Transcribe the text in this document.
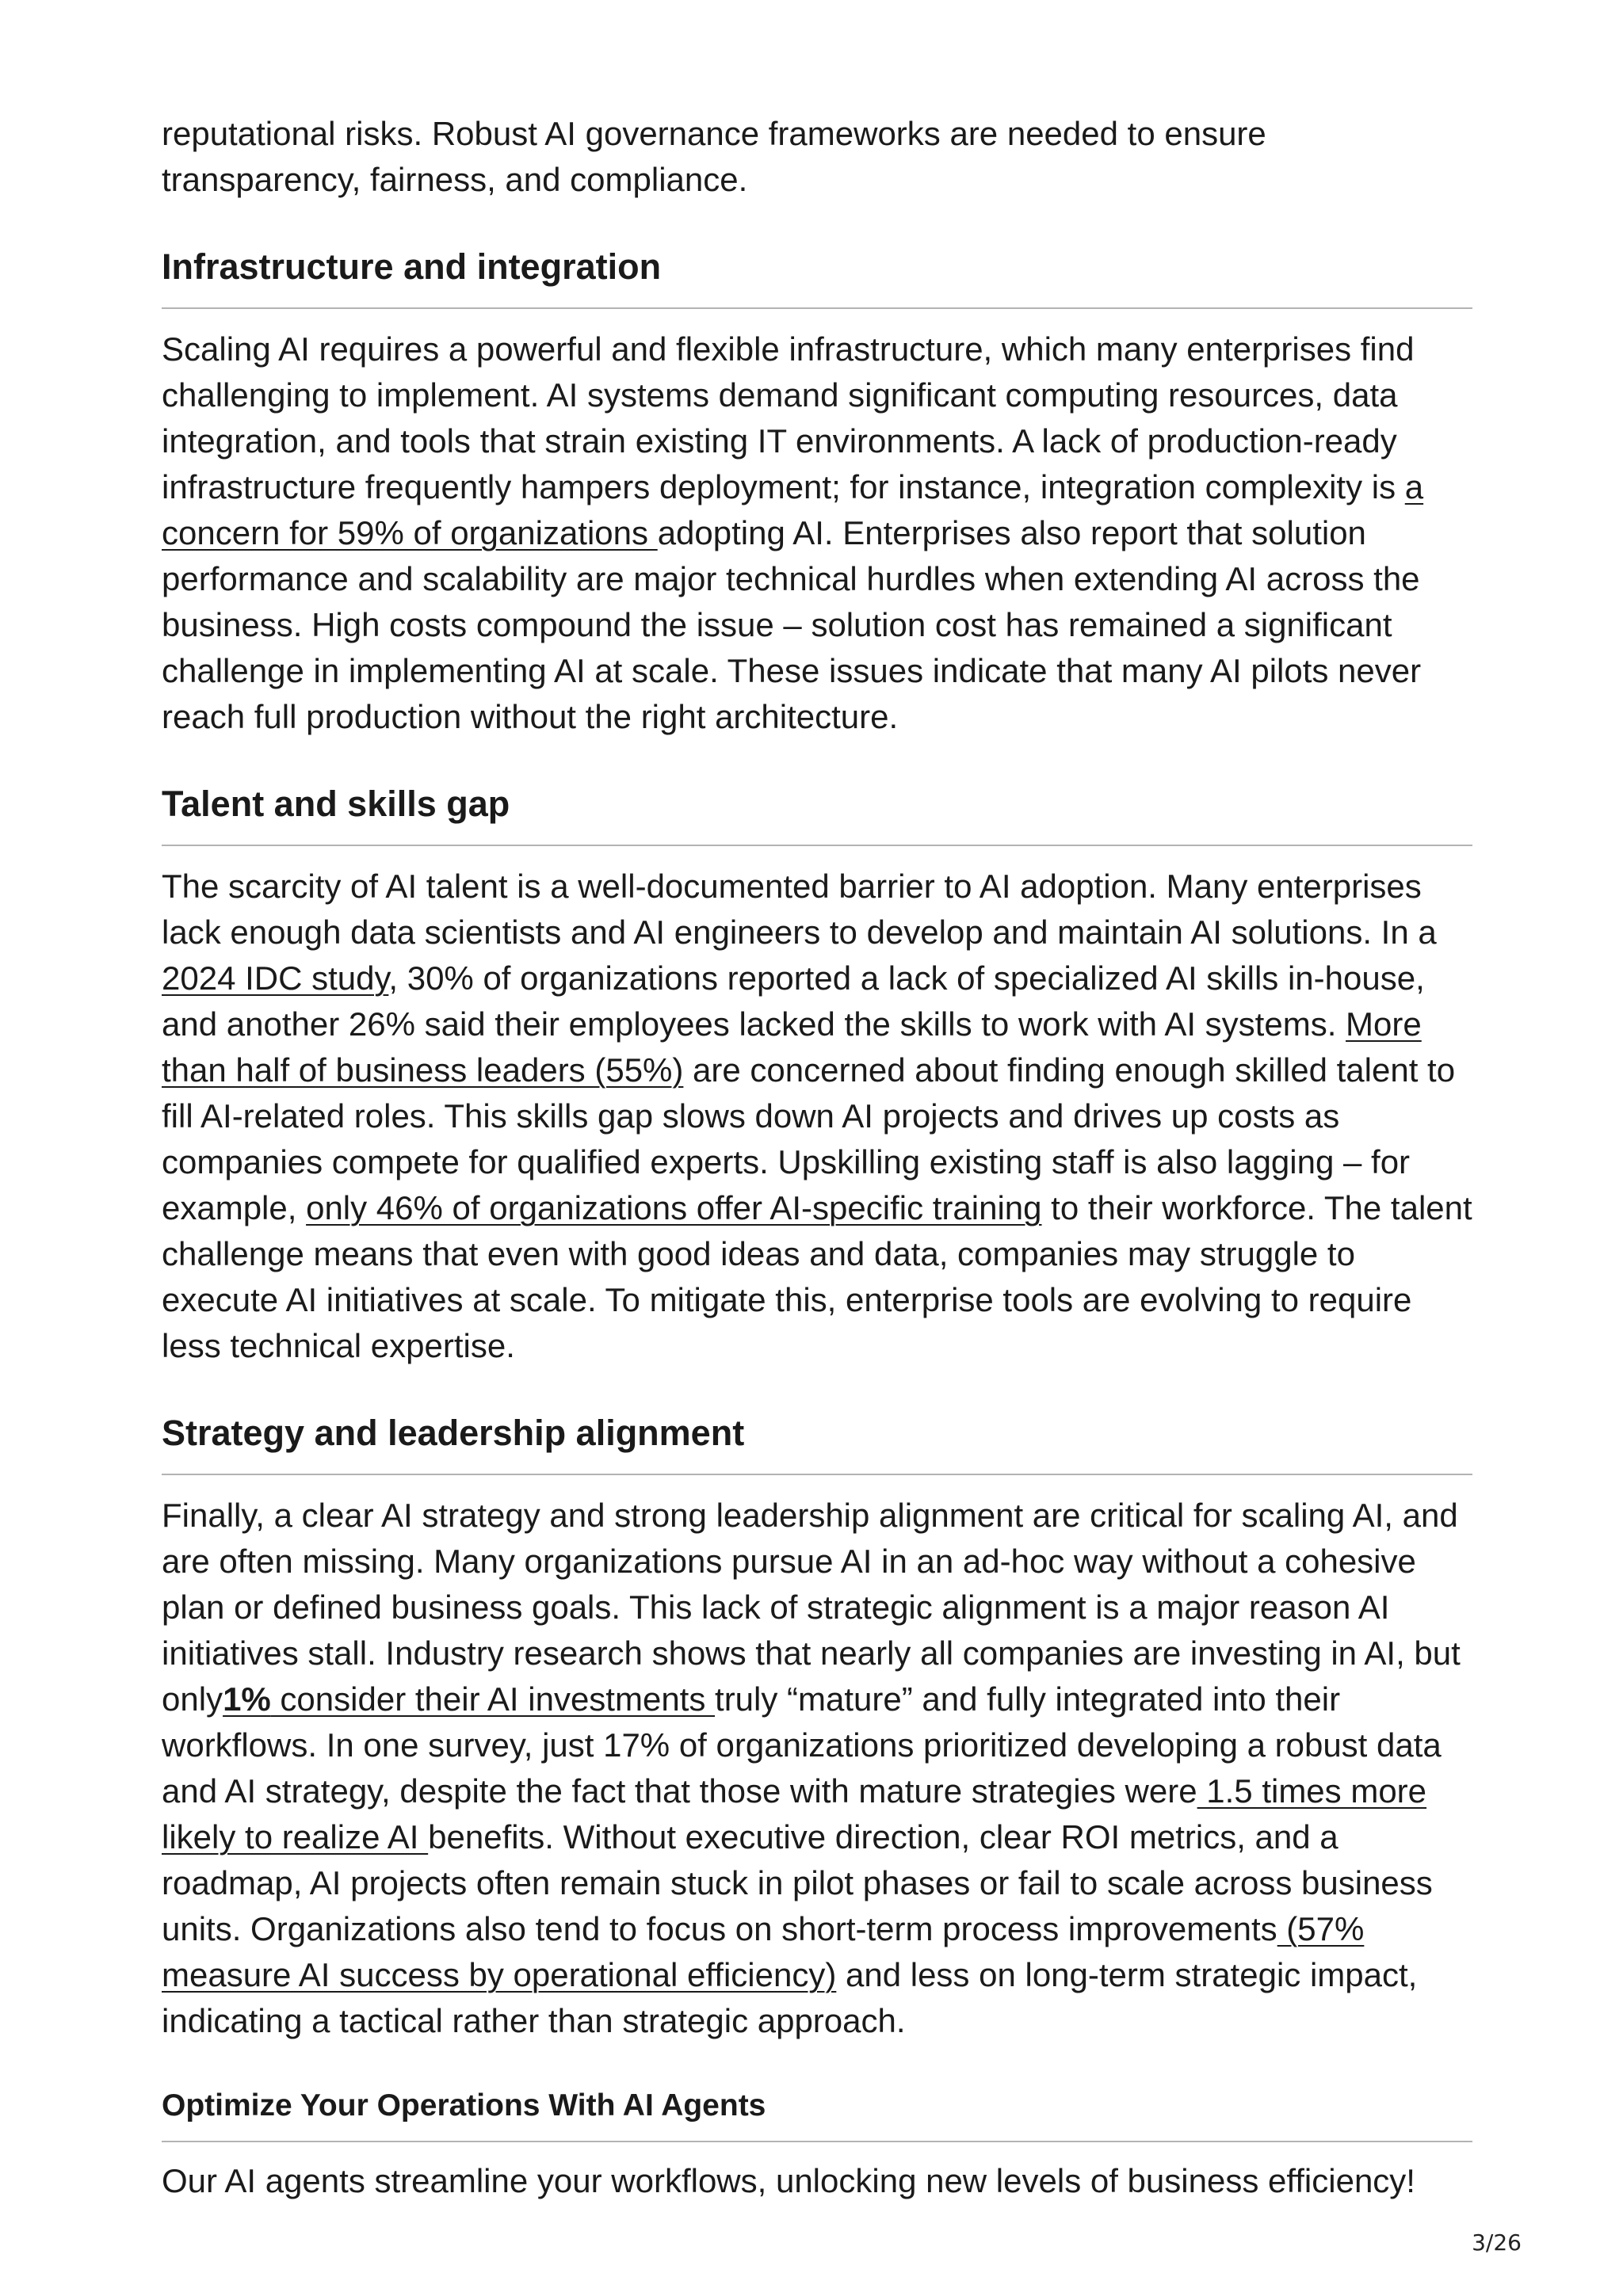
reputational risks. Robust AI governance frameworks are needed to ensure transparency, fairness, and compliance.

Infrastructure and integration

Scaling AI requires a powerful and flexible infrastructure, which many enterprises find challenging to implement. AI systems demand significant computing resources, data integration, and tools that strain existing IT environments. A lack of production-ready infrastructure frequently hampers deployment; for instance, integration complexity is a concern for 59% of organizations adopting AI. Enterprises also report that solution performance and scalability are major technical hurdles when extending AI across the business. High costs compound the issue – solution cost has remained a significant challenge in implementing AI at scale. These issues indicate that many AI pilots never reach full production without the right architecture.

Talent and skills gap

The scarcity of AI talent is a well-documented barrier to AI adoption. Many enterprises lack enough data scientists and AI engineers to develop and maintain AI solutions. In a 2024 IDC study, 30% of organizations reported a lack of specialized AI skills in-house, and another 26% said their employees lacked the skills to work with AI systems. More than half of business leaders (55%) are concerned about finding enough skilled talent to fill AI-related roles. This skills gap slows down AI projects and drives up costs as companies compete for qualified experts. Upskilling existing staff is also lagging – for example, only 46% of organizations offer AI-specific training to their workforce. The talent challenge means that even with good ideas and data, companies may struggle to execute AI initiatives at scale. To mitigate this, enterprise tools are evolving to require less technical expertise.

Strategy and leadership alignment

Finally, a clear AI strategy and strong leadership alignment are critical for scaling AI, and are often missing. Many organizations pursue AI in an ad-hoc way without a cohesive plan or defined business goals. This lack of strategic alignment is a major reason AI initiatives stall. Industry research shows that nearly all companies are investing in AI, but only1% consider their AI investments truly “mature” and fully integrated into their workflows. In one survey, just 17% of organizations prioritized developing a robust data and AI strategy, despite the fact that those with mature strategies were 1.5 times more likely to realize AI benefits. Without executive direction, clear ROI metrics, and a roadmap, AI projects often remain stuck in pilot phases or fail to scale across business units. Organizations also tend to focus on short-term process improvements (57% measure AI success by operational efficiency) and less on long-term strategic impact, indicating a tactical rather than strategic approach.

Optimize Your Operations With AI Agents

Our AI agents streamline your workflows, unlocking new levels of business efficiency!

3/26
